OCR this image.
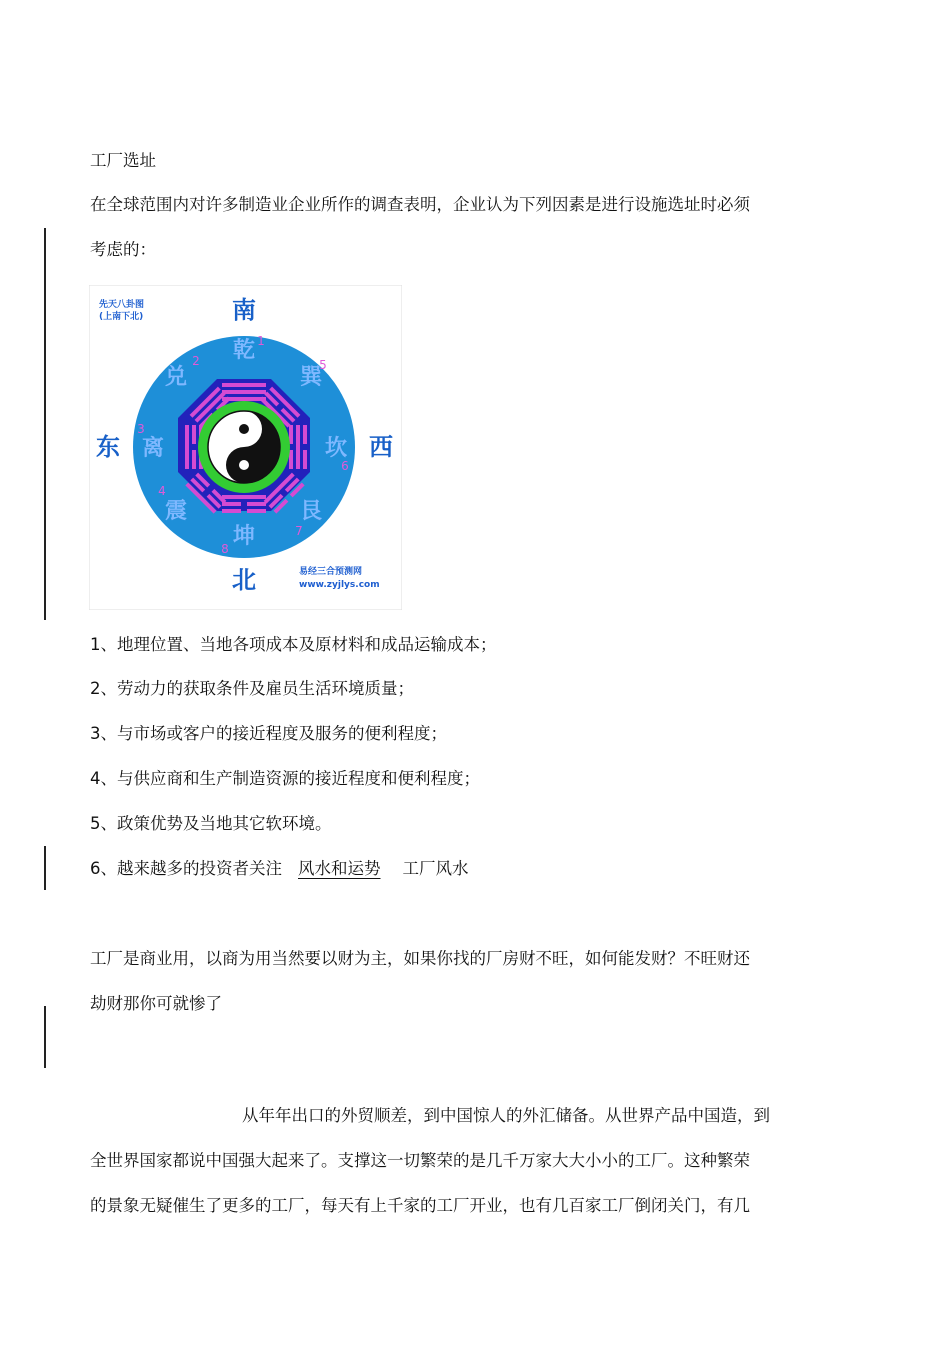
工厂选址
在全球范围内对许多制造业企业所作的调查表明，企业认为下列因素是进行设施选址时必须
考虑的：
乾
巽
坎
艮
坤
震
离
兑
1
5
6
7
8
4
3
2
南
北
东	西
先天八卦图
(上南下北)
易经三合预测网
www.zyjlys.com
1、地理位置、当地各项成本及原材料和成品运输成本；
2、劳动力的获取条件及雇员生活环境质量；
3、与市场或客户的接近程度及服务的便利程度；
4、与供应商和生产制造资源的接近程度和便利程度；
5、政策优势及当地其它软环境。
6、越来越多的投资者关注 风水和运势 工厂风水
工厂是商业用，以商为用当然要以财为主，如果你找的厂房财不旺，如何能发财？不旺财还
劫财那你可就惨了
从年年出口的外贸顺差，到中国惊人的外汇储备。从世界产品中国造，到
全世界国家都说中国强大起来了。支撑这一切繁荣的是几千万家大大小小的工厂。这种繁荣
的景象无疑催生了更多的工厂，每天有上千家的工厂开业，也有几百家工厂倒闭关门，有几
